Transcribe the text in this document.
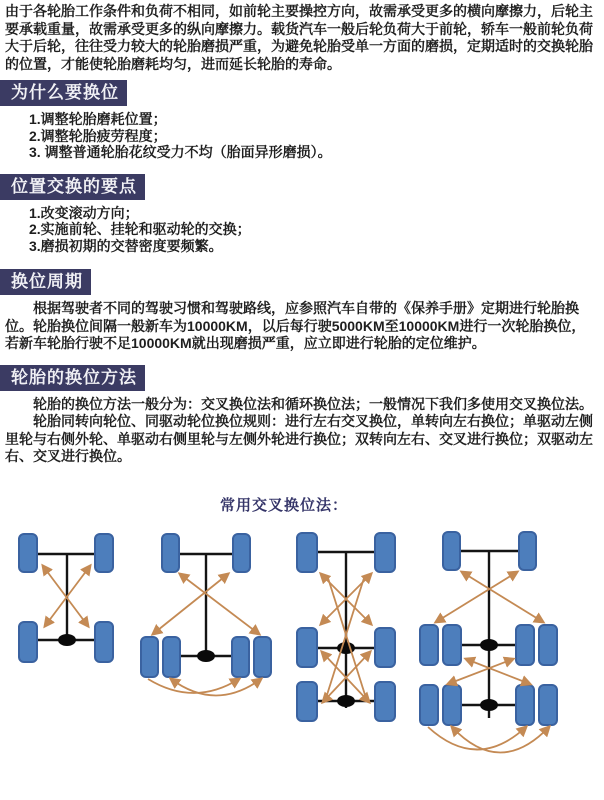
由于各轮胎工作条件和负荷不相同，如前轮主要操控方向，故需承受更多的横向摩擦力，后轮主要承载重量，故需承受更多的纵向摩擦力。载货汽车一般后轮负荷大于前轮，轿车一般前轮负荷大于后轮，往往受力较大的轮胎磨损严重，为避免轮胎受单一方面的磨损，定期适时的交换轮胎的位置，才能使轮胎磨耗均匀，进而延长轮胎的寿命。

为什么要换位
1.调整轮胎磨耗位置；
2.调整轮胎疲劳程度；
3. 调整普通轮胎花纹受力不均（胎面异形磨损）。
位置交换的要点
1.改变滚动方向；
2.实施前轮、挂轮和驱动轮的交换；
3.磨损初期的交替密度要频繁。
换位周期

根据驾驶者不同的驾驶习惯和驾驶路线，应参照汽车自带的《保养手册》定期进行轮胎换位。轮胎换位间隔一般新车为10000KM，以后每行驶5000KM至10000KM进行一次轮胎换位，若新车轮胎行驶不足10000KM就出现磨损严重，应立即进行轮胎的定位维护。

轮胎的换位方法

轮胎的换位方法一般分为：交叉换位法和循环换位法；一般情况下我们多使用交叉换位法。

轮胎同转向轮位、同驱动轮位换位规则：进行左右交叉换位，单转向左右换位；单驱动左侧里轮与右侧外轮、单驱动右侧里轮与左侧外轮进行换位；双转向左右、交叉进行换位；双驱动左右、交叉进行换位。

常用交叉换位法：
